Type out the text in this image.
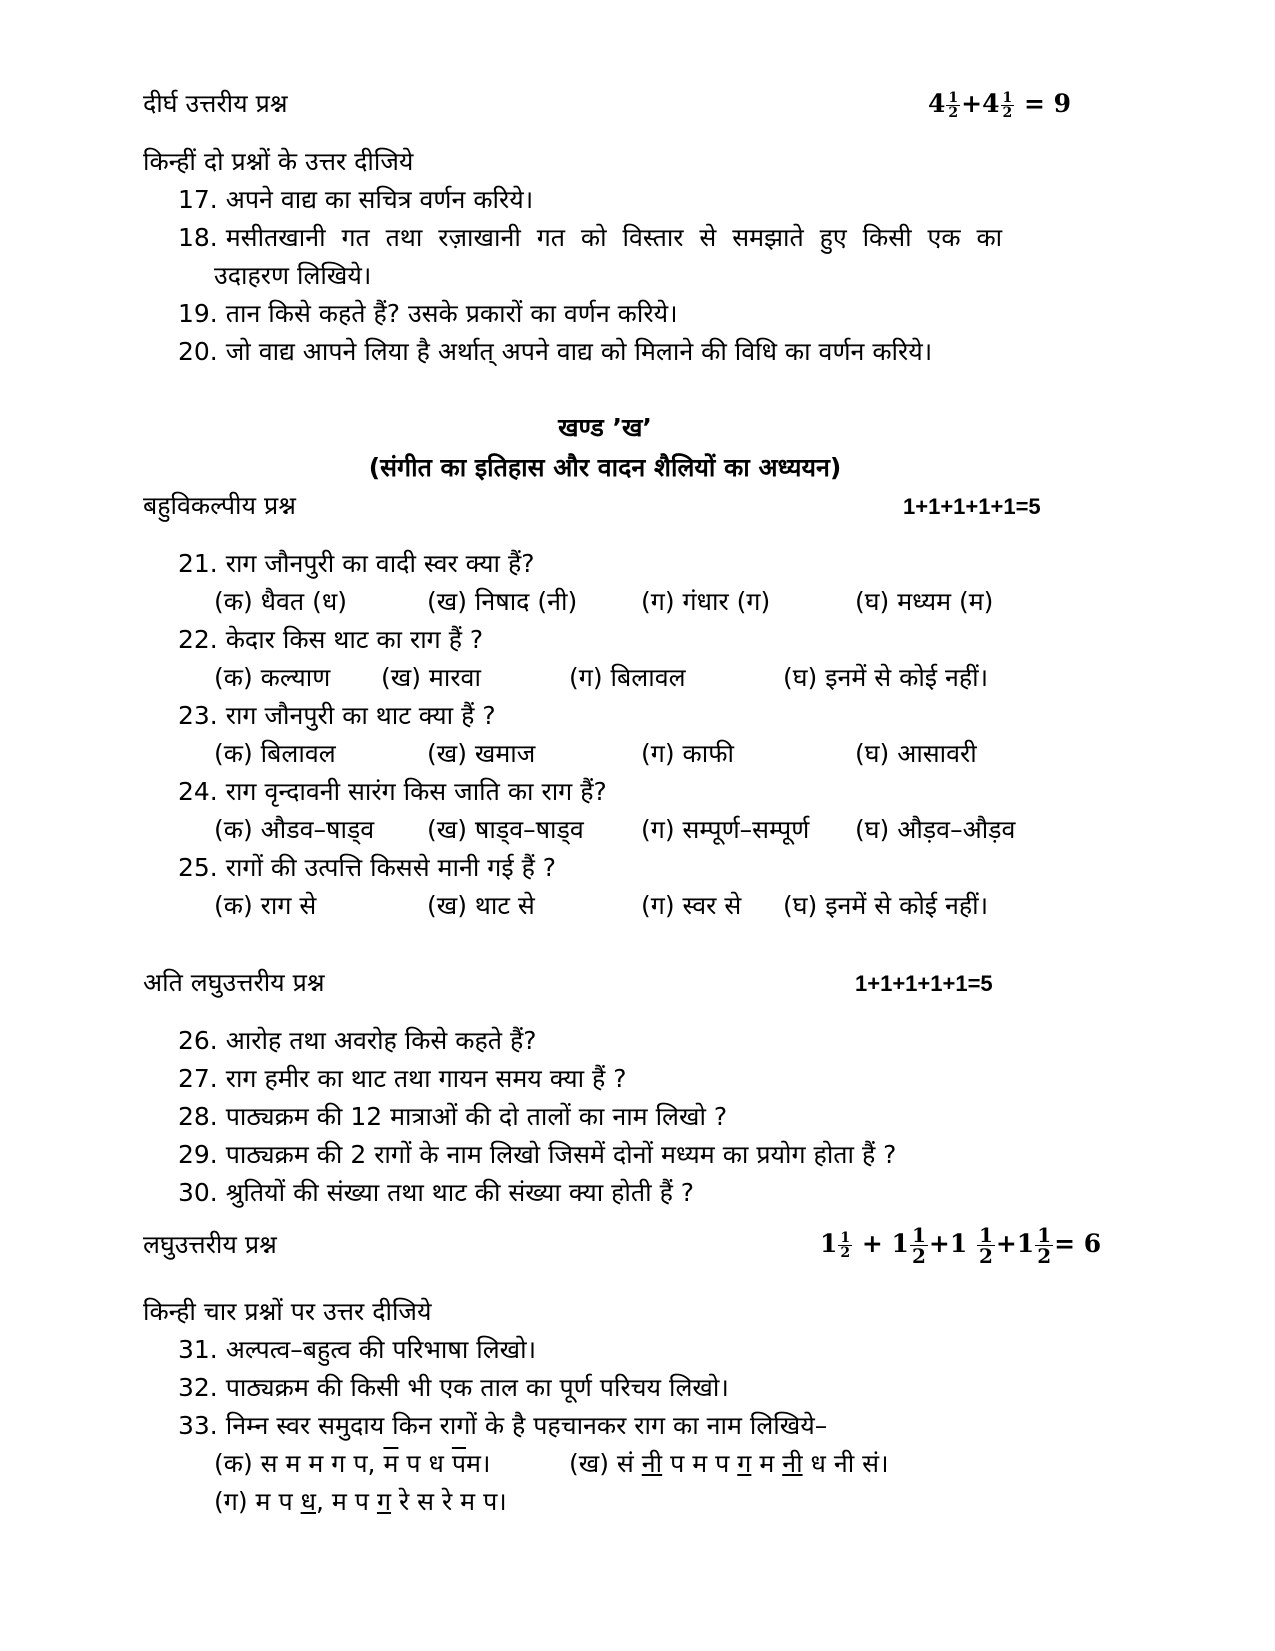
दीर्घ उत्तरीय प्रश्न	$4 \frac{1}{2} +4 \frac{1}{2} = 9$
किन्हीं दो प्रश्नों के उत्तर दीजिये
17. अपने वाद्य का सचित्र वर्णन करिये।
18. मसीतखानी  गत  तथा  रज़ाखानी  गत  को  विस्तार  से  समझाते  हुए  किसी  एक  का
उदाहरण लिखिये।
19. तान किसे कहते हैं? उसके प्रकारों का वर्णन करिये।
20. जो वाद्य आपने लिया है अर्थात् अपने वाद्य को मिलाने की विधि का वर्णन करिये।
खण्ड ’ख’
(संगीत का इतिहास और वादन शैलियों का अध्ययन)
बहुविकल्पीय प्रश्न	1+1+1+1+1=5
21. राग जौनपुरी का वादी स्वर क्या हैं?
(क) धैवत (ध)	(ख) निषाद (नी)	(ग) गंधार (ग)	(घ) मध्यम (म)
22. केदार किस थाट का राग हैं ?
(क) कल्याण (ख) मारवा	(ग) बिलावल	(घ) इनमें से कोई नहीं।
23. राग जौनपुरी का थाट क्या हैं ?
(क) बिलावल	(ख) खमाज	(ग) काफी	(घ) आसावरी
24. राग वृन्दावनी सारंग किस जाति का राग हैं?
(क) औडव–षाड्व (ख) षाड्व–षाड्व (ग) सम्पूर्ण–सम्पूर्ण (घ) औड़व–औड़व
25. रागों की उत्पत्ति किससे मानी गई हैं ?
(क) राग से	(ख) थाट से	(ग) स्वर से (घ) इनमें से कोई नहीं।
अति लघुउत्तरीय प्रश्न	1+1+1+1+1=5
26. आरोह तथा अवरोह किसे कहते हैं?
27. राग हमीर का थाट तथा गायन समय क्या हैं ?
28. पाठ्यक्रम की 12 मात्राओं की दो तालों का नाम लिखो ?
29. पाठ्यक्रम की 2 रागों के नाम लिखो जिसमें दोनों मध्यम का प्रयोग होता हैं ?
30. श्रुतियों की संख्या तथा थाट की संख्या क्या होती हैं ?
लघुउत्तरीय प्रश्न	$1 \frac{1}{2} + 1 \frac{1}{2} +1 \frac{1}{2} +1 \frac{1}{2} = 6$
किन्ही चार प्रश्नों पर उत्तर दीजिये
31. अल्पत्व–बहुत्व की परिभाषा लिखो।
32. पाठ्यक्रम की किसी भी एक ताल का पूर्ण परिचय लिखो।
33. निम्न स्वर समुदाय किन रागों के है पहचानकर राग का नाम लिखिये–
(क) स म म ग प, म प ध पम।	(ख) सं नी प म प ग म नी ध नी सं।
(ग) म प ध, म प ग रे स रे म प।
